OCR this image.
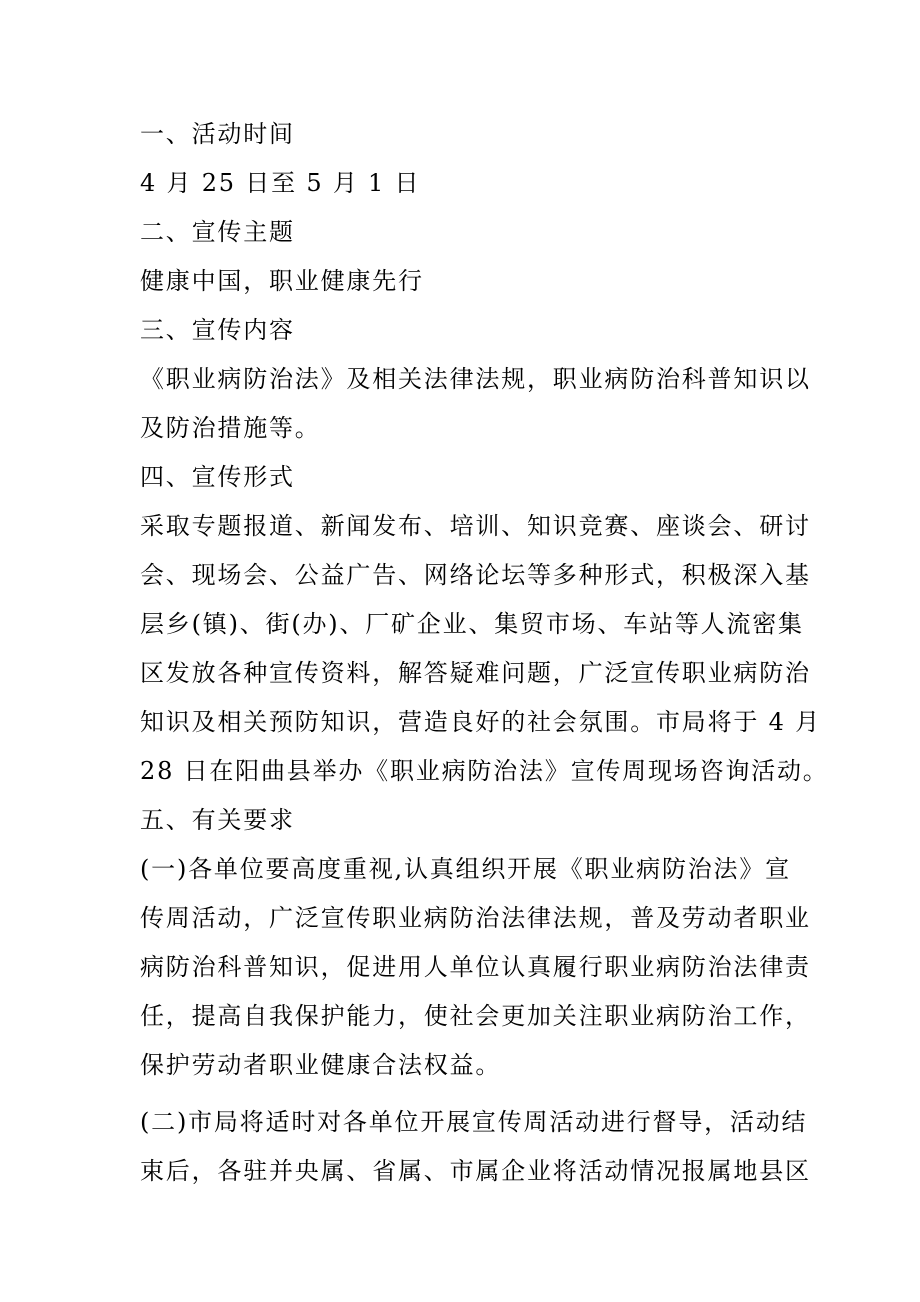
一、活动时间
4 月 25 日至 5 月 1 日
二、宣传主题
健康中国，职业健康先行
三、宣传内容
《职业病防治法》及相关法律法规，职业病防治科普知识以
及防治措施等。
四、宣传形式
采取专题报道、新闻发布、培训、知识竞赛、座谈会、研讨
会、现场会、公益广告、网络论坛等多种形式，积极深入基
层乡(镇)、街(办)、厂矿企业、集贸市场、车站等人流密集
区发放各种宣传资料，解答疑难问题，广泛宣传职业病防治
知识及相关预防知识，营造良好的社会氛围。市局将于 4 月
28 日在阳曲县举办《职业病防治法》宣传周现场咨询活动。
五、有关要求
(一)各单位要高度重视,认真组织开展《职业病防治法》宣
传周活动，广泛宣传职业病防治法律法规，普及劳动者职业
病防治科普知识，促进用人单位认真履行职业病防治法律责
任，提高自我保护能力，使社会更加关注职业病防治工作，
保护劳动者职业健康合法权益。
(二)市局将适时对各单位开展宣传周活动进行督导，活动结
束后，各驻并央属、省属、市属企业将活动情况报属地县区
